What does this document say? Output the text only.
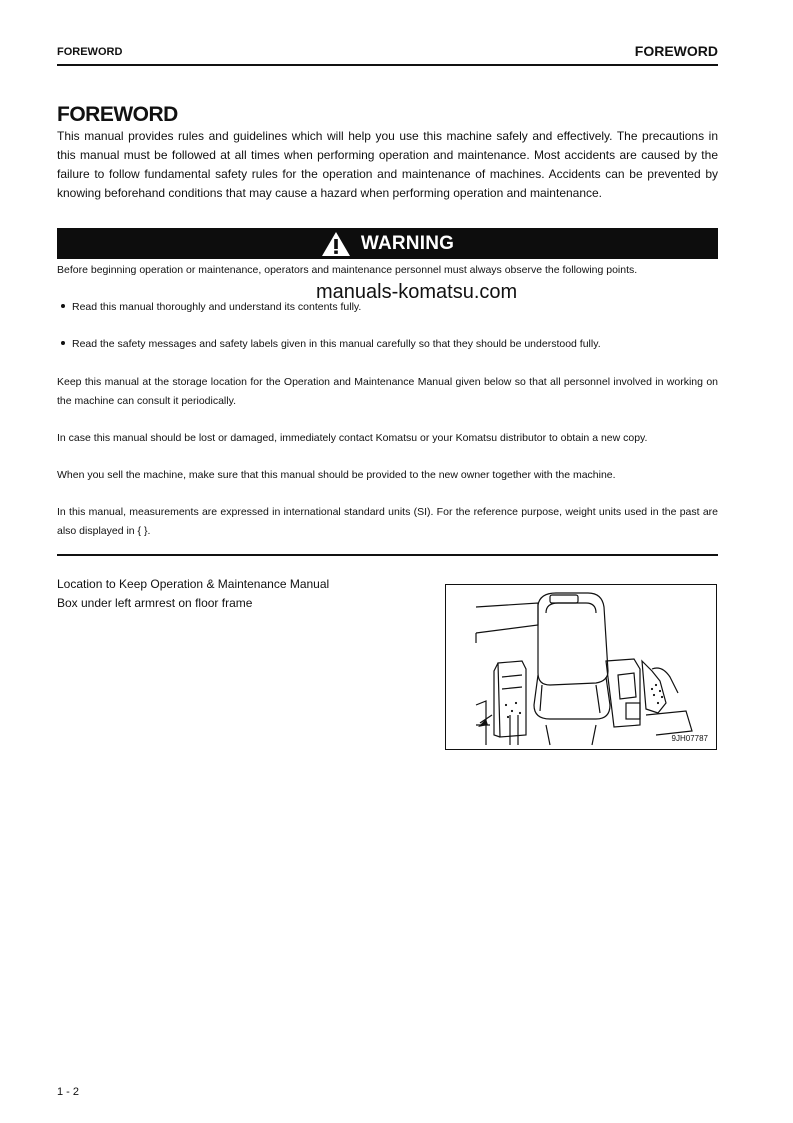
FOREWORD	FOREWORD
FOREWORD

This manual provides rules and guidelines which will help you use this machine safely and effectively. The precautions in this manual must be followed at all times when performing operation and maintenance. Most accidents are caused by the failure to follow fundamental safety rules for the operation and maintenance of machines. Accidents can be prevented by knowing beforehand conditions that may cause a hazard when performing operation and maintenance.

WARNING

Before beginning operation or maintenance, operators and maintenance personnel must always observe the following points.

manuals-komatsu.com
Read this manual thoroughly and understand its contents fully.
Read the safety messages and safety labels given in this manual carefully so that they should be understood fully.

Keep this manual at the storage location for the Operation and Maintenance Manual given below so that all personnel involved in working on the machine can consult it periodically.

In case this manual should be lost or damaged, immediately contact Komatsu or your Komatsu distributor to obtain a new copy.

When you sell the machine, make sure that this manual should be provided to the new owner together with the machine.

In this manual, measurements are expressed in international standard units (SI). For the reference purpose, weight units used in the past are also displayed in { }.

Location to Keep Operation & Maintenance Manual
Box under left armrest on floor frame
9JH07787
1 - 2
